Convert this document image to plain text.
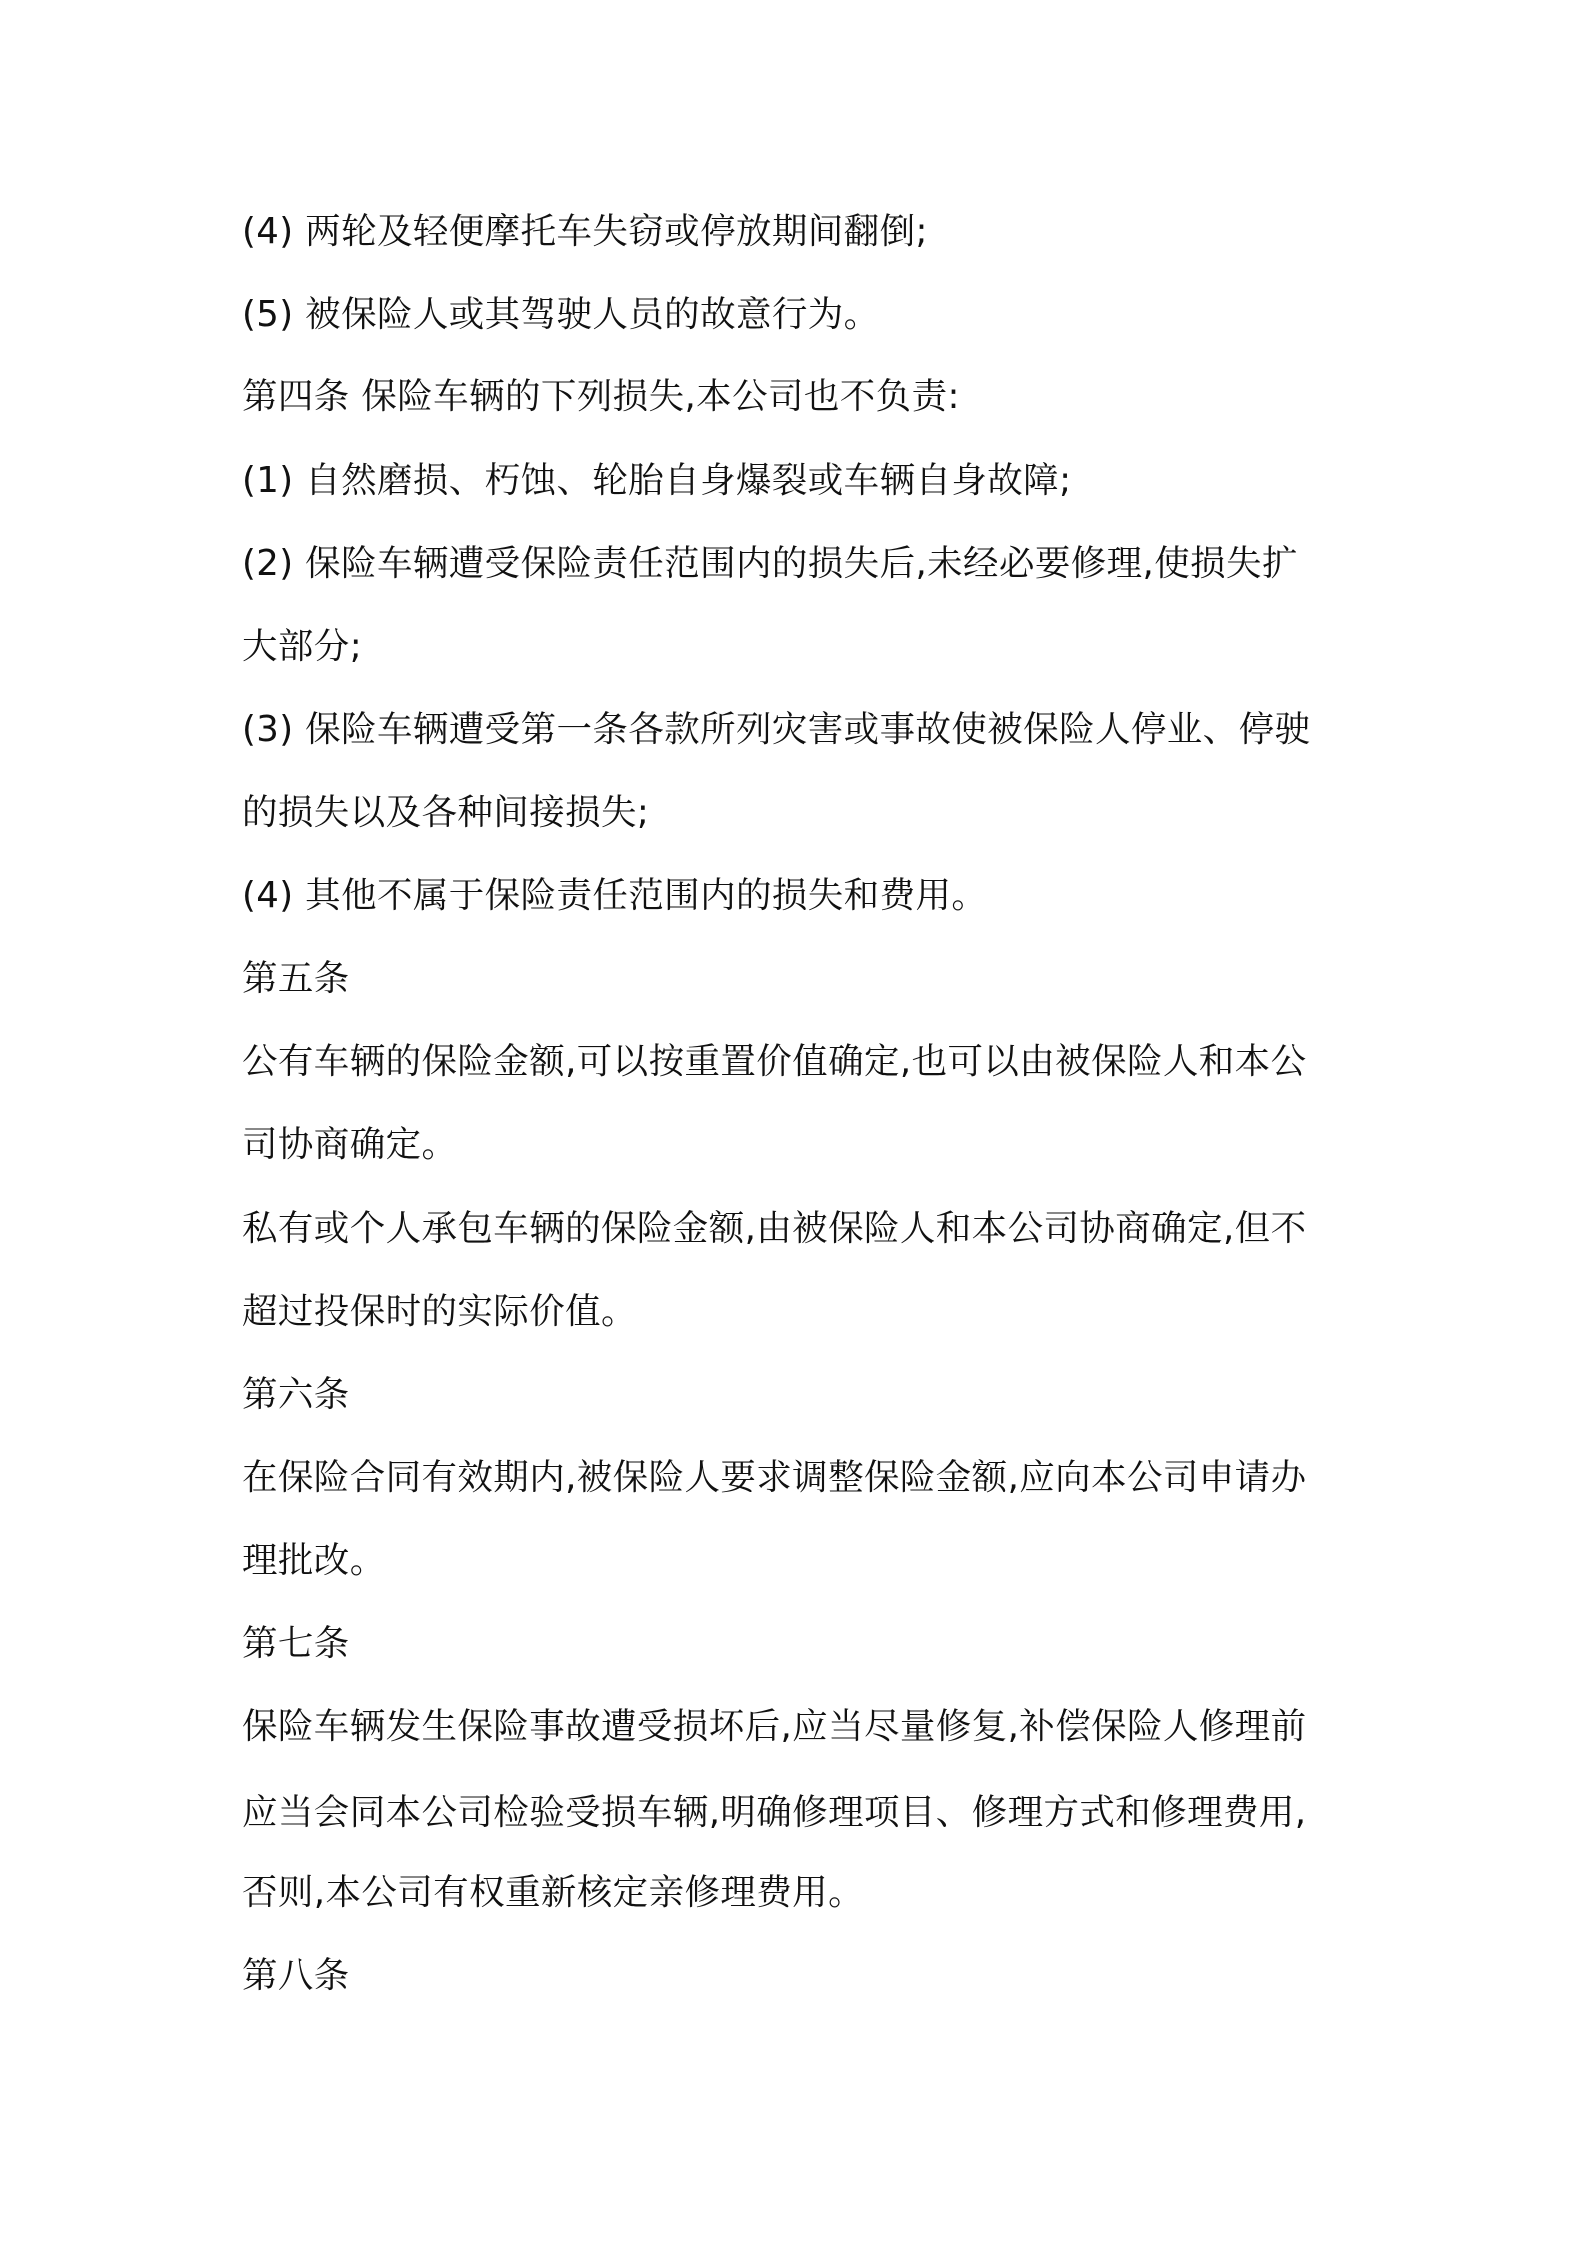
(4) 两轮及轻便摩托车失窃或停放期间翻倒;
(5) 被保险人或其驾驶人员的故意行为。
第四条 保险车辆的下列损失,本公司也不负责:
(1) 自然磨损、朽蚀、轮胎自身爆裂或车辆自身故障;
(2) 保险车辆遭受保险责任范围内的损失后,未经必要修理,使损失扩
大部分;
(3) 保险车辆遭受第一条各款所列灾害或事故使被保险人停业、停驶
的损失以及各种间接损失;
(4) 其他不属于保险责任范围内的损失和费用。
第五条
公有车辆的保险金额,可以按重置价值确定,也可以由被保险人和本公
司协商确定。
私有或个人承包车辆的保险金额,由被保险人和本公司协商确定,但不
超过投保时的实际价值。
第六条
在保险合同有效期内,被保险人要求调整保险金额,应向本公司申请办
理批改。
第七条
保险车辆发生保险事故遭受损坏后,应当尽量修复,补偿保险人修理前
应当会同本公司检验受损车辆,明确修理项目、修理方式和修理费用,
否则,本公司有权重新核定亲修理费用。
第八条
